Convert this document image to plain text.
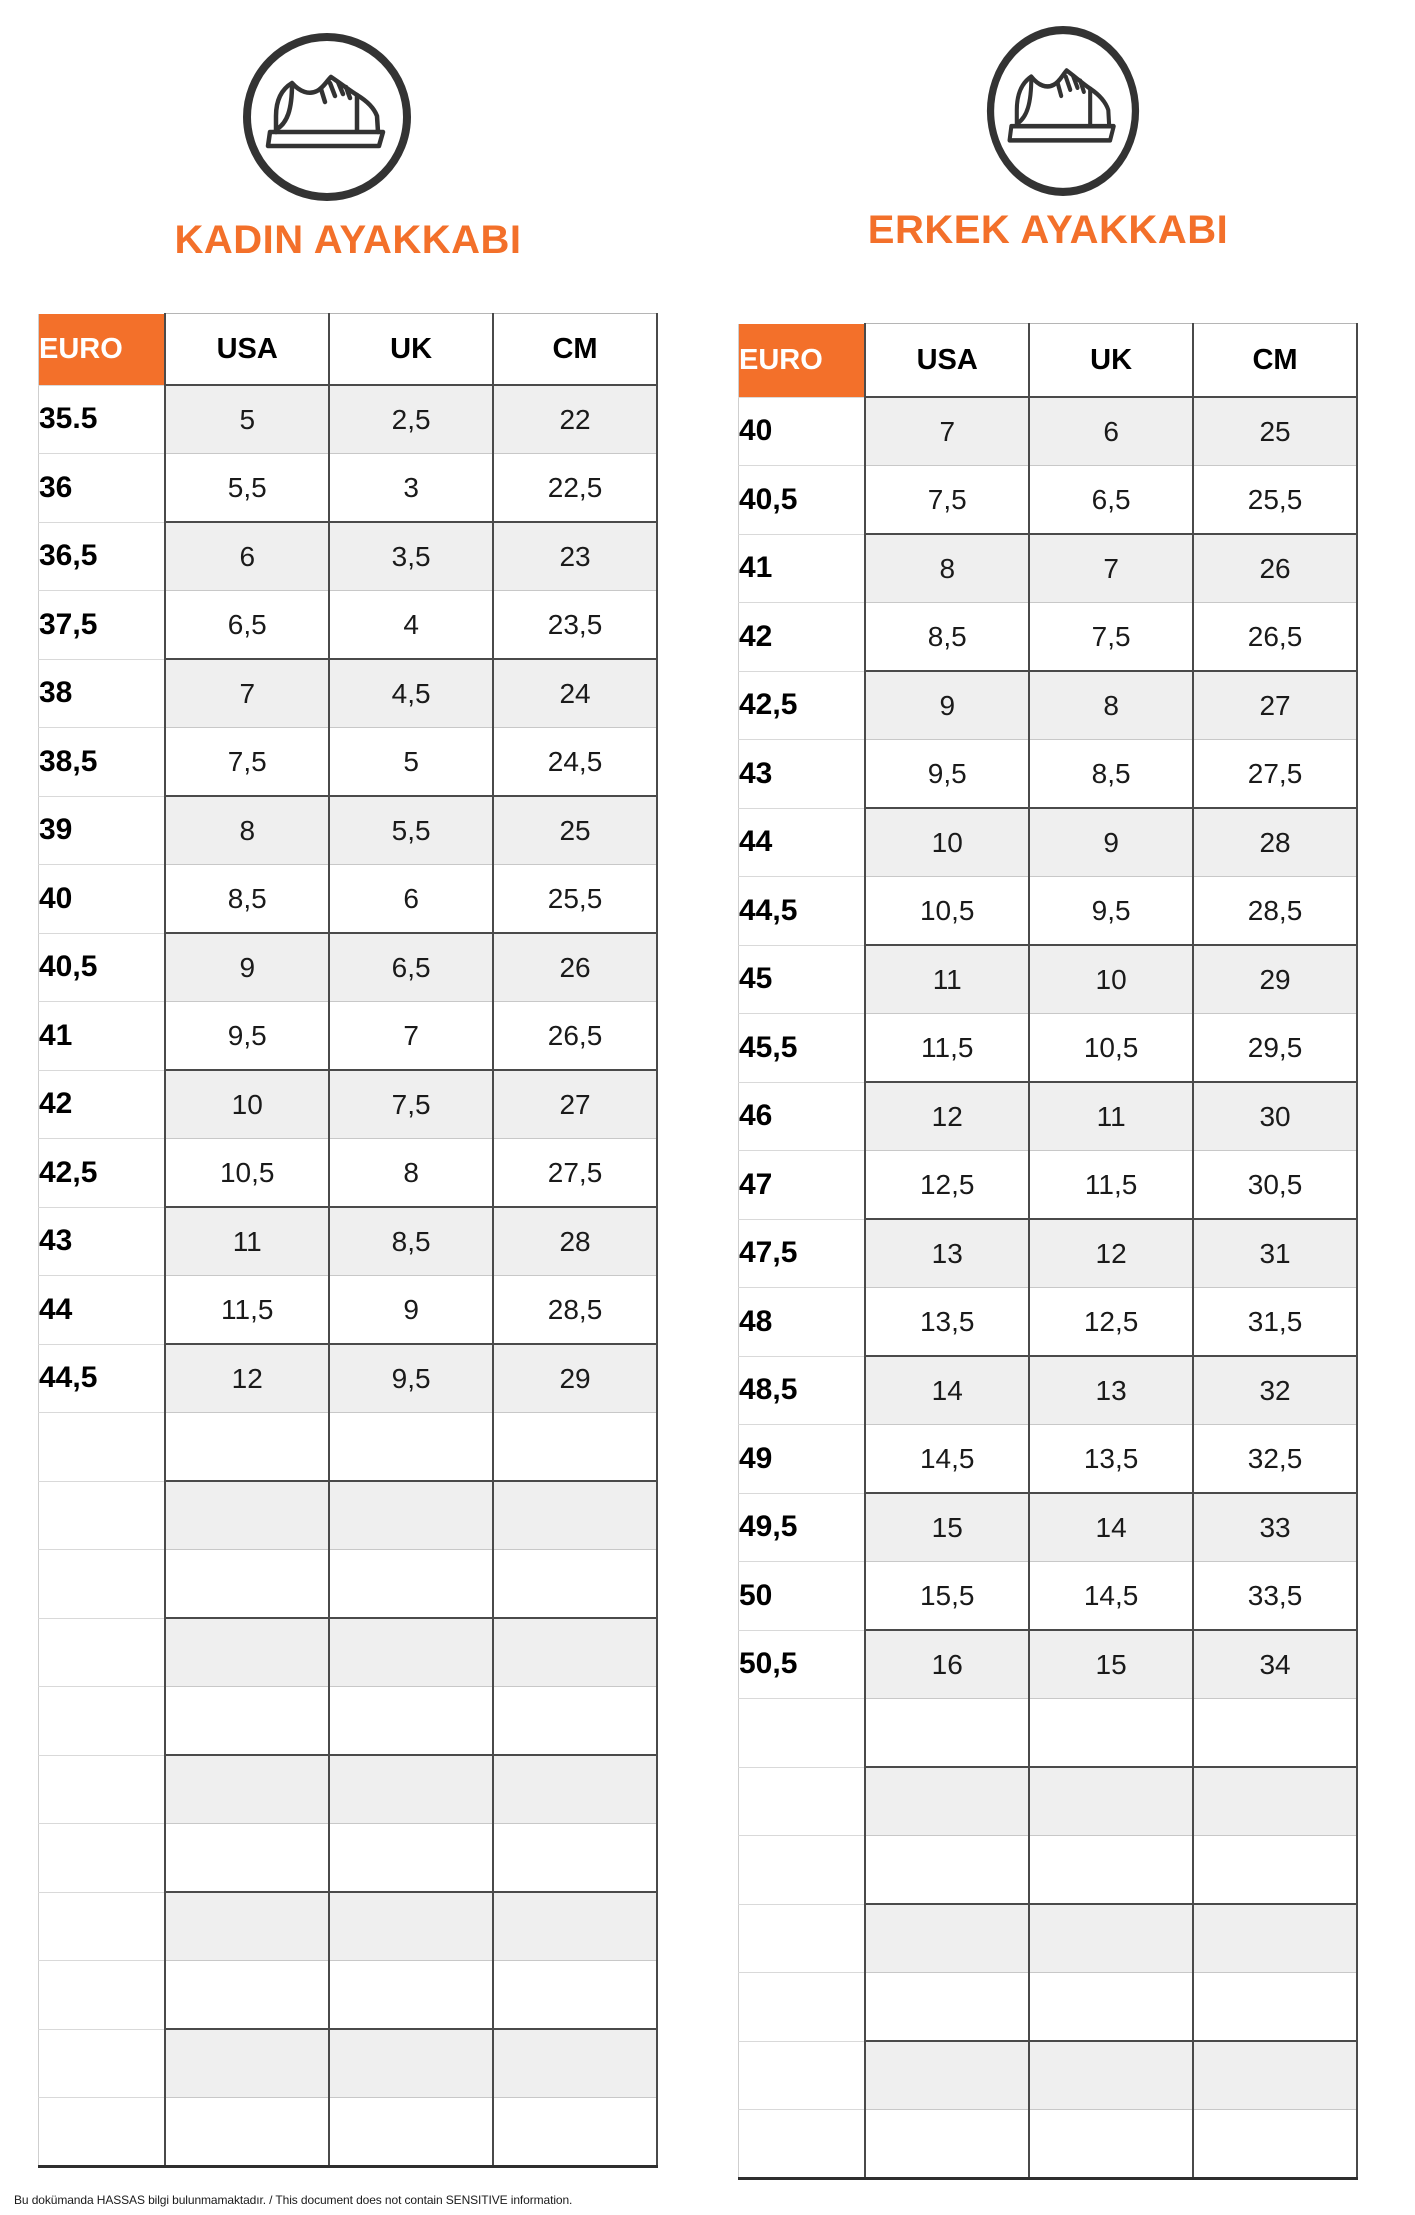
KADIN AYAKKABI
EURO	USA	UK	CM
35.5	5	2,5	22
36	5,5	3	22,5
36,5	6	3,5	23
37,5	6,5	4	23,5
38	7	4,5	24
38,5	7,5	5	24,5
39	8	5,5	25
40	8,5	6	25,5
40,5	9	6,5	26
41	9,5	7	26,5
42	10	7,5	27
42,5	10,5	8	27,5
43	11	8,5	28
44	11,5	9	28,5
44,5	12	9,5	29

ERKEK AYAKKABI
EURO	USA	UK	CM
40	7	6	25
40,5	7,5	6,5	25,5
41	8	7	26
42	8,5	7,5	26,5
42,5	9	8	27
43	9,5	8,5	27,5
44	10	9	28
44,5	10,5	9,5	28,5
45	11	10	29
45,5	11,5	10,5	29,5
46	12	11	30
47	12,5	11,5	30,5
47,5	13	12	31
48	13,5	12,5	31,5
48,5	14	13	32
49	14,5	13,5	32,5
49,5	15	14	33
50	15,5	14,5	33,5
50,5	16	15	34

Bu dokümanda HASSAS bilgi bulunmamaktadır. / This document does not contain SENSITIVE information.
